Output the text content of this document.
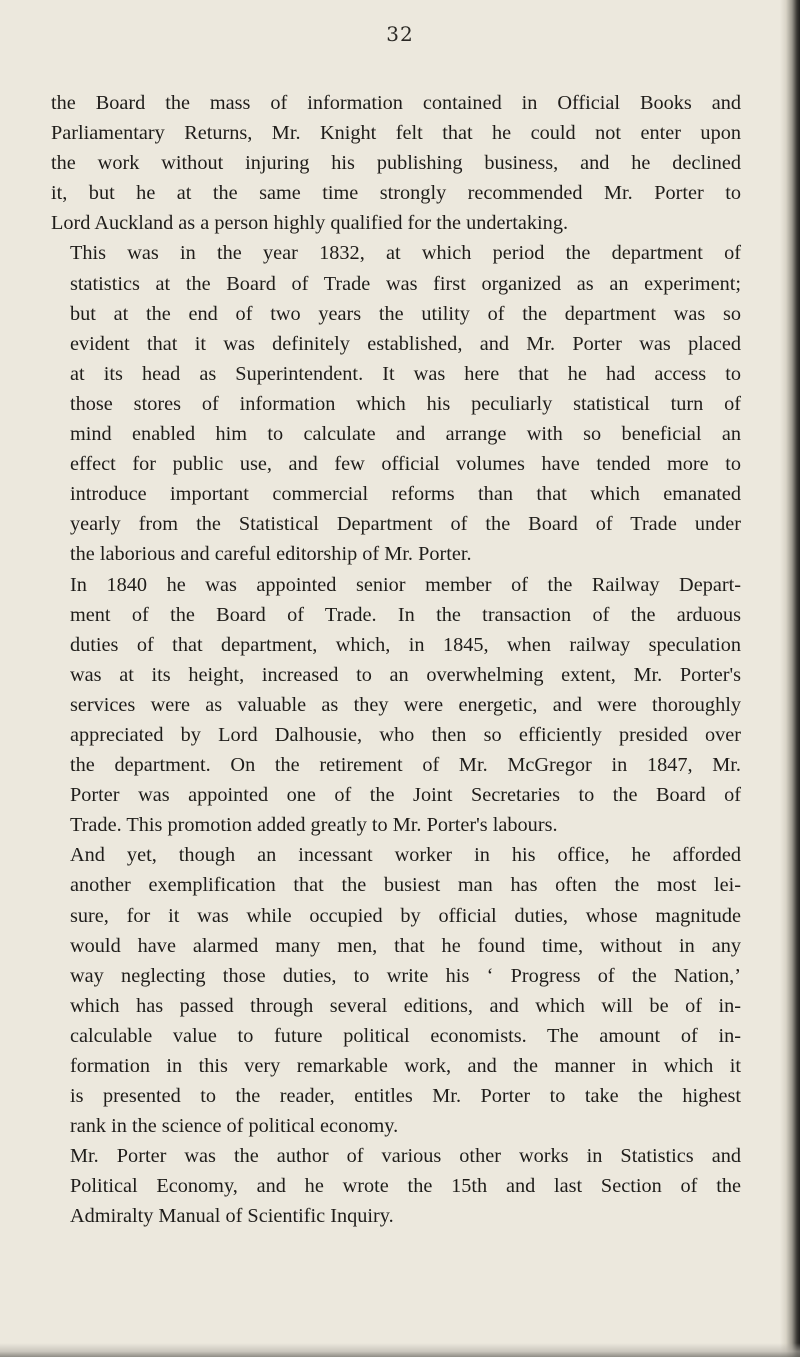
32

the Board the mass of information contained in Official Books and
Parliamentary Returns, Mr. Knight felt that he could not enter upon
the work without injuring his publishing business, and he declined
it, but he at the same time strongly recommended Mr. Porter to
Lord Auckland as a person highly qualified for the undertaking.

This was in the year 1832, at which period the department of
statistics at the Board of Trade was first organized as an experiment;
but at the end of two years the utility of the department was so
evident that it was definitely established, and Mr. Porter was placed
at its head as Superintendent. It was here that he had access to
those stores of information which his peculiarly statistical turn of
mind enabled him to calculate and arrange with so beneficial an
effect for public use, and few official volumes have tended more to
introduce important commercial reforms than that which emanated
yearly from the Statistical Department of the Board of Trade under
the laborious and careful editorship of Mr. Porter.

In 1840 he was appointed senior member of the Railway Depart-
ment of the Board of Trade. In the transaction of the arduous
duties of that department, which, in 1845, when railway speculation
was at its height, increased to an overwhelming extent, Mr. Porter's
services were as valuable as they were energetic, and were thoroughly
appreciated by Lord Dalhousie, who then so efficiently presided over
the department. On the retirement of Mr. McGregor in 1847, Mr.
Porter was appointed one of the Joint Secretaries to the Board of
Trade. This promotion added greatly to Mr. Porter's labours.

And yet, though an incessant worker in his office, he afforded
another exemplification that the busiest man has often the most lei-
sure, for it was while occupied by official duties, whose magnitude
would have alarmed many men, that he found time, without in any
way neglecting those duties, to write his ‘ Progress of the Nation,’
which has passed through several editions, and which will be of in-
calculable value to future political economists. The amount of in-
formation in this very remarkable work, and the manner in which it
is presented to the reader, entitles Mr. Porter to take the highest
rank in the science of political economy.

Mr. Porter was the author of various other works in Statistics and
Political Economy, and he wrote the 15th and last Section of the
Admiralty Manual of Scientific Inquiry.
